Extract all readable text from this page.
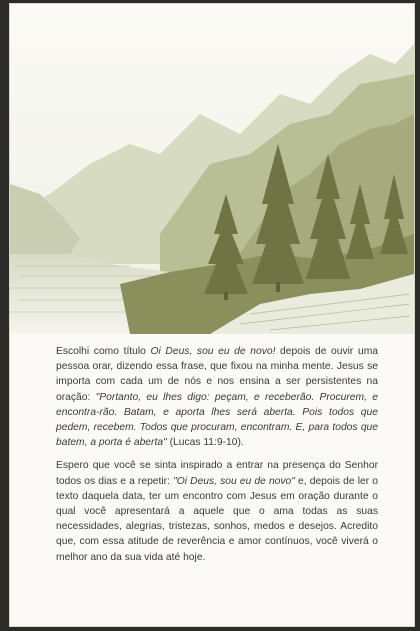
Escolhi como título Oi Deus, sou eu de novo! depois de ouvir uma pessoa orar, dizendo essa frase, que fixou na minha mente. Jesus se importa com cada um de nós e nos ensina a ser persistentes na oração: "Portanto, eu lhes digo: peçam, e receberão. Procurem, e encontra-rão. Batam, e aporta lhes será aberta. Pois todos que pedem, recebem. Todos que procuram, encontram. E, para todos que batem, a porta é aberta" (Lucas 11:9-10).

Espero que você se sinta inspirado a entrar na presença do Senhor todos os dias e a repetir: "Oi Deus, sou eu de novo" e, depois de ler o texto daquela data, ter um encontro com Jesus em oração durante o qual você apresentará a aquele que o ama todas as suas necessidades, alegrias, tristezas, sonhos, medos e desejos. Acredito que, com essa atitude de reverência e amor contínuos, você viverá o melhor ano da sua vida até hoje.
